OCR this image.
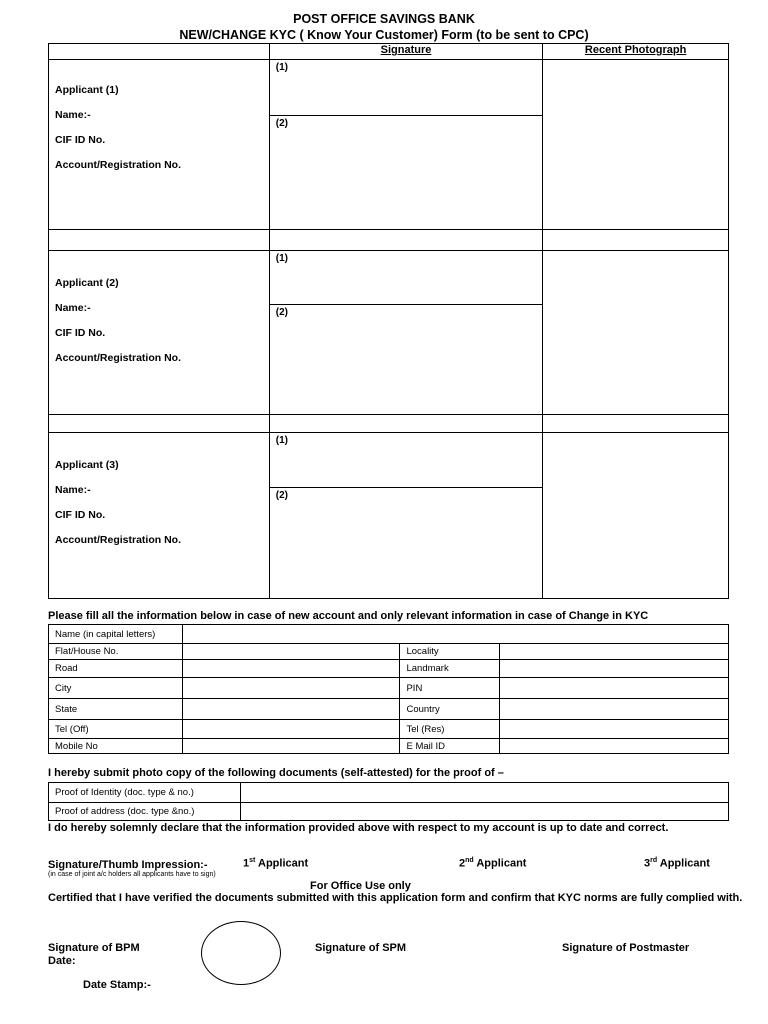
POST OFFICE SAVINGS BANK
NEW/CHANGE KYC ( Know Your Customer) Form (to be sent to CPC)
	Signature	Recent Photograph

Applicant (1)
Name:-
CIF ID No.
Account/Registration No.	(1)	

	(2)	

Applicant (2)
Name:-
CIF ID No.
Account/Registration No.	(1)	

	(2)	

Applicant (3)
Name:-
CIF ID No.
Account/Registration No.	(1)	

	(2)	
Please fill all the information below in case of new account and only relevant information in case of Change in KYC
Name (in capital letters)			
Flat/House No.		Locality	
Road		Landmark	
City		PIN	
State		Country	
Tel (Off)		Tel (Res)	
Mobile No		E Mail ID	
I hereby submit photo copy of the following documents (self-attested) for the proof of –
Proof of Identity (doc. type & no.)	
Proof of address (doc. type &no.)	
I do hereby solemnly declare that the information provided above with respect to my account is up to date and correct.
Signature/Thumb Impression:-
(in case of joint a/c holders all applicants have to sign)
1st Applicant	2nd Applicant	3rd Applicant
For Office Use only
Certified that I have verified the documents submitted with this application form and confirm that KYC norms are fully complied with.
Signature of BPM
Date:
Signature of SPM	Signature of Postmaster
Date Stamp:-
